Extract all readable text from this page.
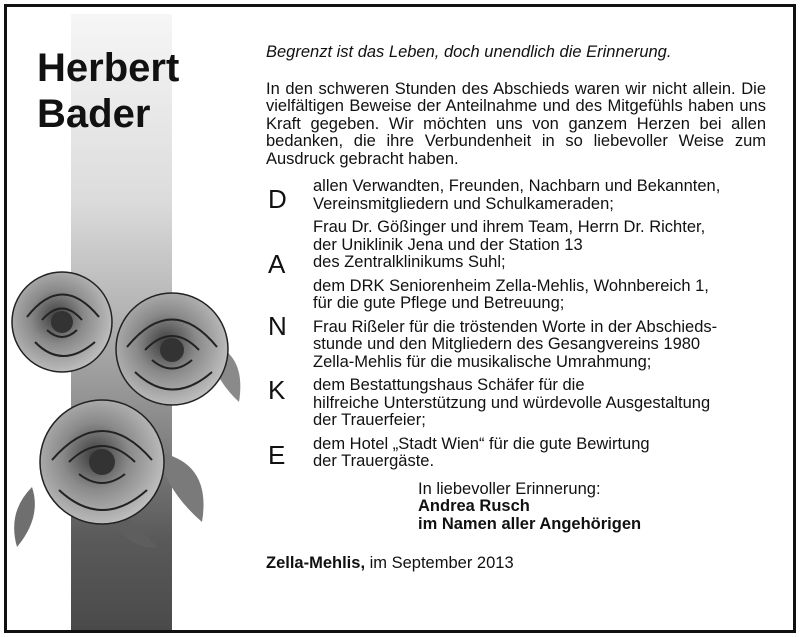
Herbert
Bader

Begrenzt ist das Leben, doch unendlich die Erinnerung.

In den schweren Stunden des Abschieds waren wir nicht allein. Die vielfältigen Beweise der Anteilnahme und des Mitgefühls haben uns Kraft gegeben. Wir möchten uns von ganzem Herzen bei allen bedanken, die ihre Verbundenheit in so liebevoller Weise zum Ausdruck gebracht haben.

D
A
N
K
E
allen Verwandten, Freunden, Nachbarn und Bekannten,
Vereinsmitgliedern und Schulkameraden;
Frau Dr. Gößinger und ihrem Team, Herrn Dr. Richter,
der Uniklinik Jena und der Station 13
des Zentralklinikums Suhl;
dem DRK Seniorenheim Zella-Mehlis, Wohnbereich 1,
für die gute Pflege und Betreuung;
Frau Rißeler für die tröstenden Worte in der Abschieds-
stunde und den Mitgliedern des Gesangvereins 1980
Zella-Mehlis für die musikalische Umrahmung;
dem Bestattungshaus Schäfer für die
hilfreiche Unterstützung und würdevolle Ausgestaltung
der Trauerfeier;
dem Hotel „Stadt Wien“ für die gute Bewirtung
der Trauergäste.
In liebevoller Erinnerung:
Andrea Rusch
im Namen aller Angehörigen
Zella-Mehlis, im September 2013
